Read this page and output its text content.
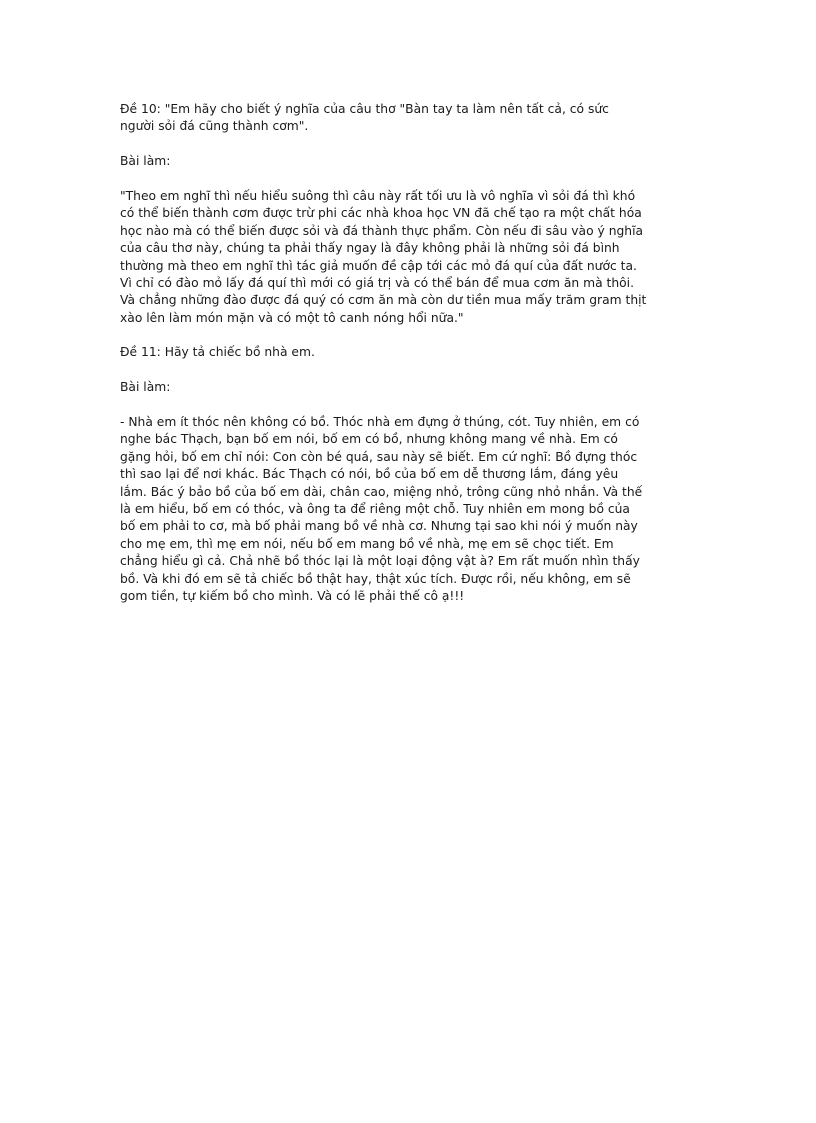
Đề 10: "Em hãy cho biết ý nghĩa của câu thơ "Bàn tay ta làm nên tất cả, có sức
người sỏi đá cũng thành cơm".
Bài làm:
"Theo em nghĩ thì nếu hiểu suông thì câu này rất tối ưu là vô nghĩa vì sỏi đá thì khó
có thể biến thành cơm được trừ phi các nhà khoa học VN đã chế tạo ra một chất hóa
học nào mà có thể biến được sỏi và đá thành thực phẩm. Còn nếu đi sâu vào ý nghĩa
của câu thơ này, chúng ta phải thấy ngay là đây không phải là những sỏi đá bình
thường mà theo em nghĩ thì tác giả muốn đề cập tới các mỏ đá quí của đất nước ta.
Vì chỉ có đào mỏ lấy đá quí thì mới có giá trị và có thể bán để mua cơm ăn mà thôi.
Và chẳng những đào được đá quý có cơm ăn mà còn dư tiền mua mấy trăm gram thịt
xào lên làm món mặn và có một tô canh nóng hổi nữa."
Đề 11: Hãy tả chiếc bồ nhà em.
Bài làm:
- Nhà em ít thóc nên không có bồ. Thóc nhà em đựng ở thúng, cót. Tuy nhiên, em có
nghe bác Thạch, bạn bố em nói, bố em có bồ, nhưng không mang về nhà. Em có
gặng hỏi, bố em chỉ nói: Con còn bé quá, sau này sẽ biết. Em cứ nghĩ: Bồ đựng thóc
thì sao lại để nơi khác. Bác Thạch có nói, bồ của bố em dễ thương lắm, đáng yêu
lắm. Bác ý bảo bồ của bố em dài, chân cao, miệng nhỏ, trông cũng nhỏ nhắn. Và thế
là em hiểu, bố em có thóc, và ông ta để riêng một chỗ. Tuy nhiên em mong bồ của
bố em phải to cơ, mà bố phải mang bồ về nhà cơ. Nhưng tại sao khi nói ý muốn này
cho mẹ em, thì mẹ em nói, nếu bố em mang bồ về nhà, mẹ em sẽ chọc tiết. Em
chẳng hiểu gì cả. Chả nhẽ bồ thóc lại là một loại động vật à? Em rất muốn nhìn thấy
bồ. Và khi đó em sẽ tả chiếc bồ thật hay, thật xúc tích. Được rồi, nếu không, em sẽ
gom tiền, tự kiếm bồ cho mình. Và có lẽ phải thế cô ạ!!!
